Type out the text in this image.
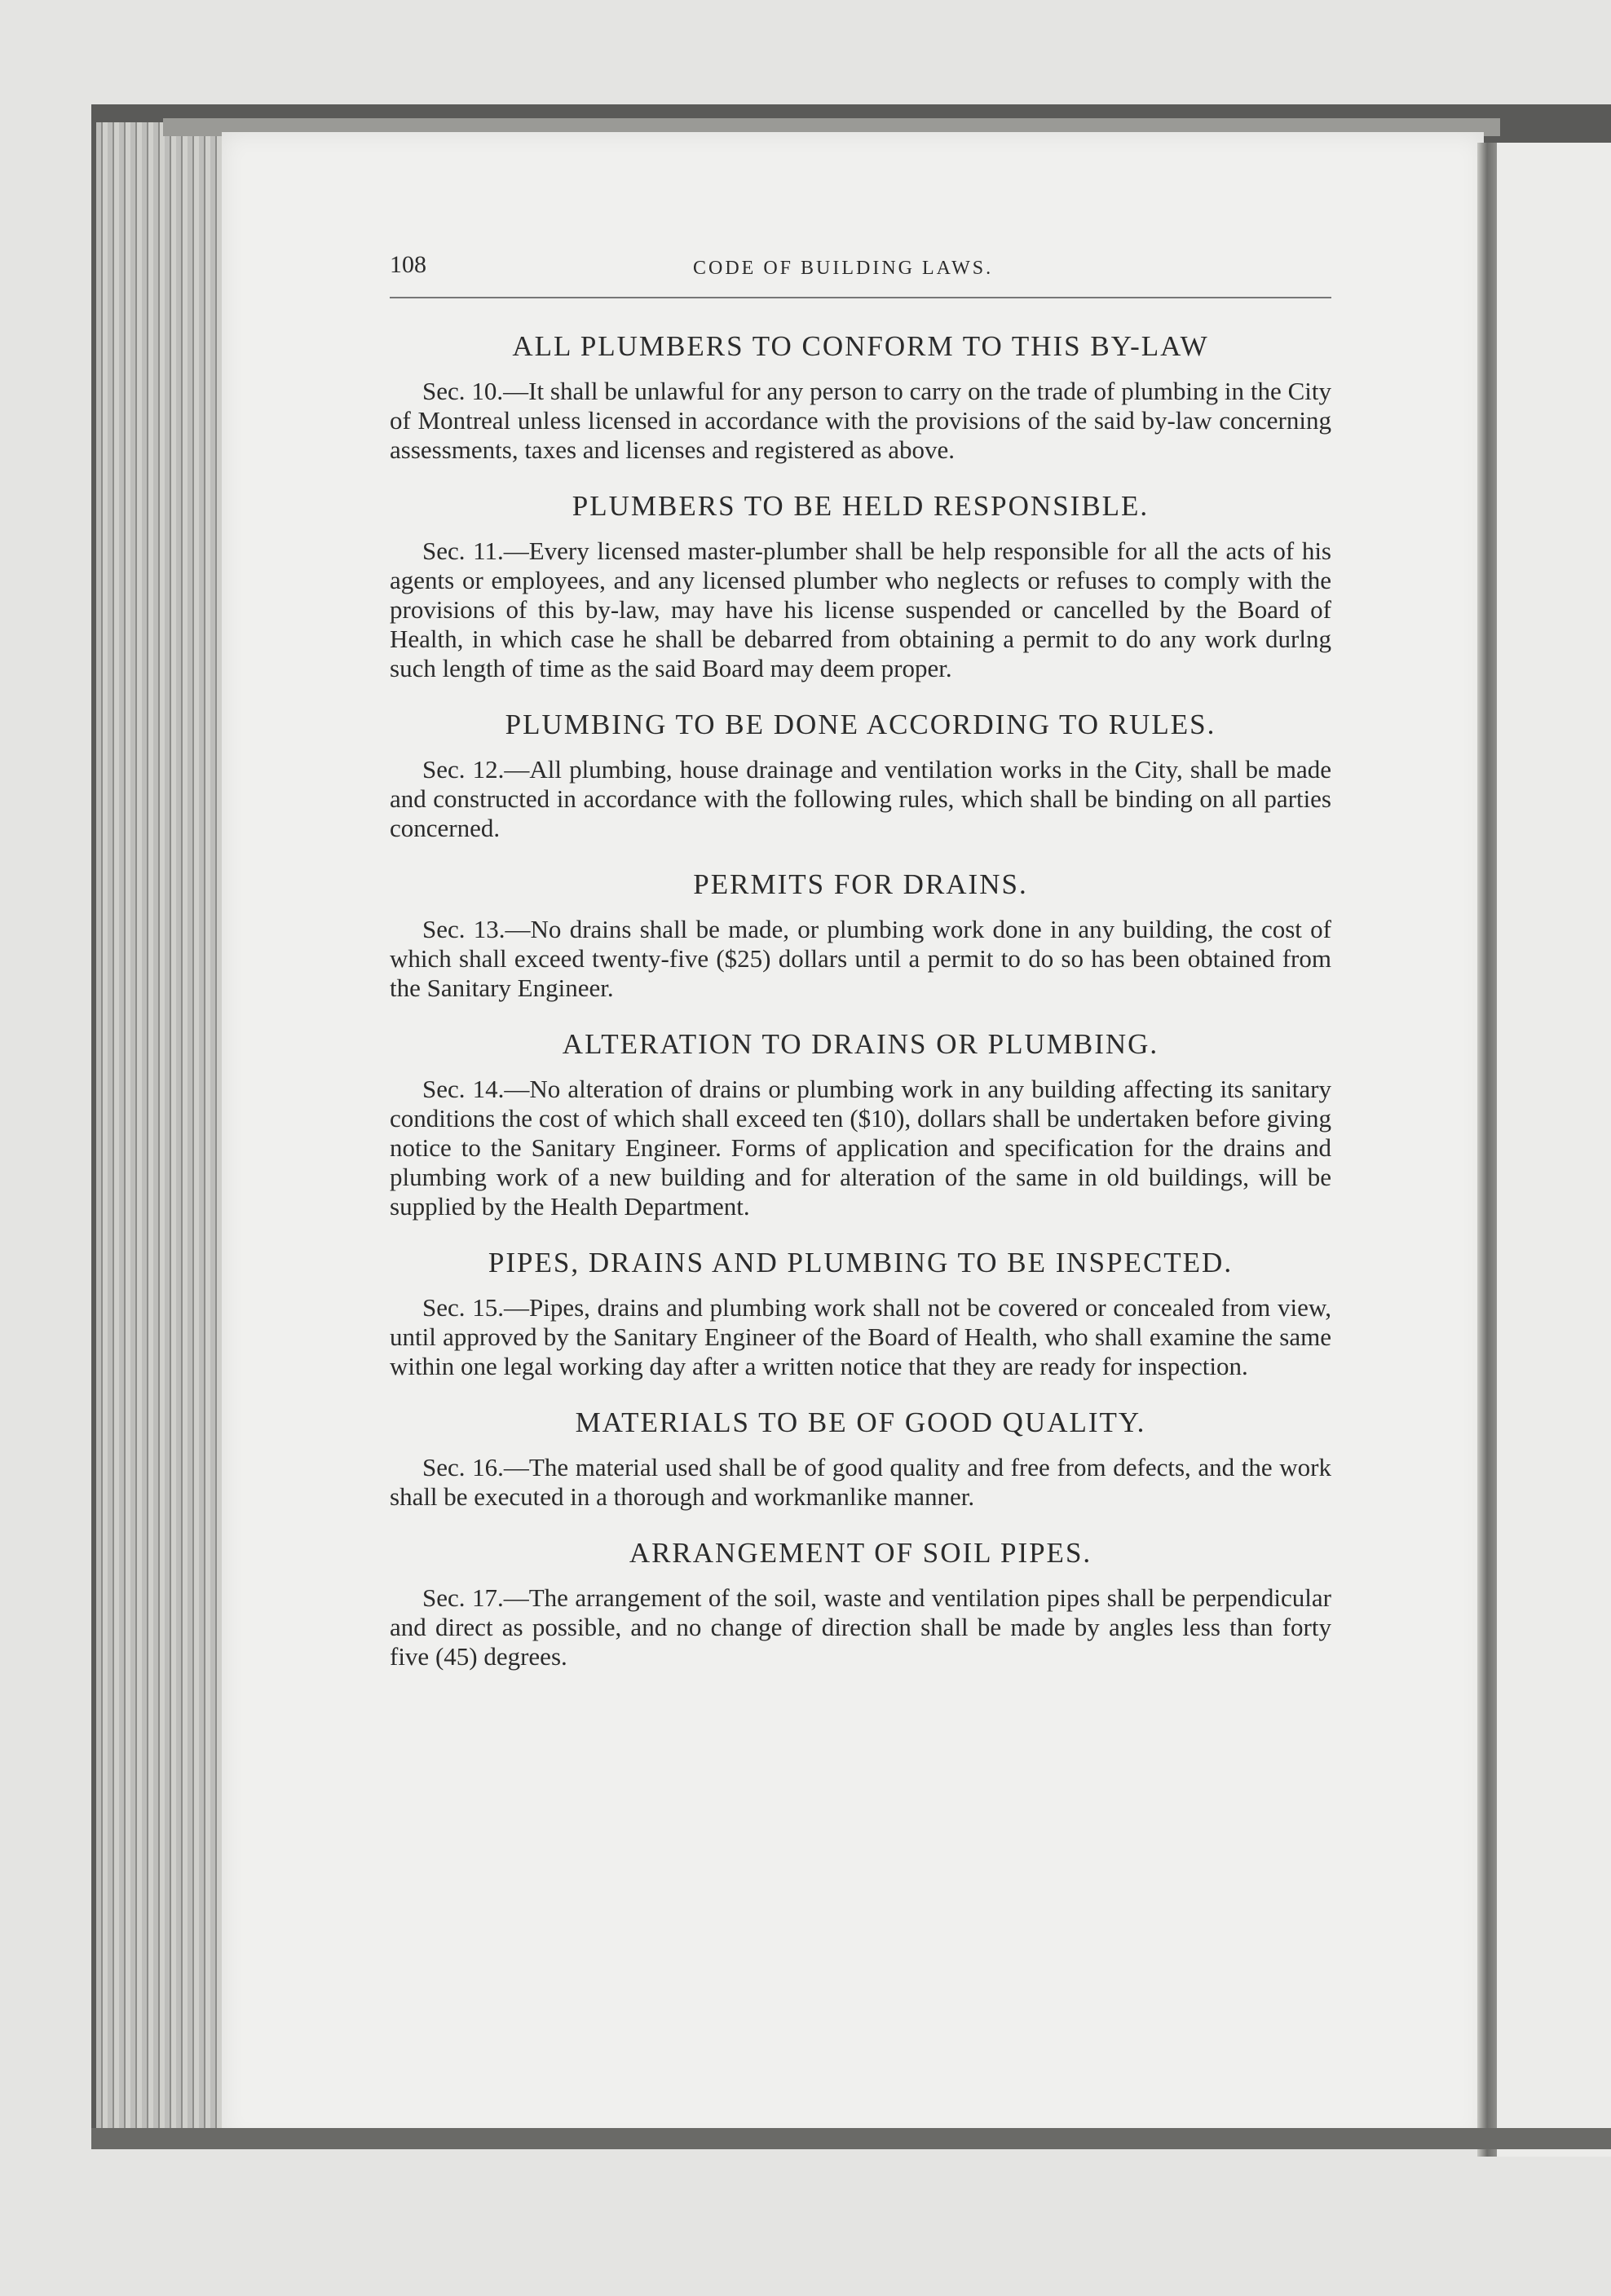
108	CODE OF BUILDING LAWS.
ALL PLUMBERS TO CONFORM TO THIS BY-LAW

Sec. 10.—It shall be unlawful for any person to carry on the trade of plumbing in the City of Montreal unless licensed in accordance with the provisions of the said by-law concerning assessments, taxes and licenses and registered as above.

PLUMBERS TO BE HELD RESPONSIBLE.

Sec. 11.—Every licensed master-plumber shall be help responsible for all the acts of his agents or employees, and any licensed plumber who neglects or refuses to comply with the provisions of this by-law, may have his license suspended or cancelled by the Board of Health, in which case he shall be debarred from obtaining a permit to do any work durlng such length of time as the said Board may deem proper.

PLUMBING TO BE DONE ACCORDING TO RULES.

Sec. 12.—All plumbing, house drainage and ventilation works in the City, shall be made and constructed in accordance with the following rules, which shall be binding on all parties concerned.

PERMITS FOR DRAINS.

Sec. 13.—No drains shall be made, or plumbing work done in any building, the cost of which shall exceed twenty-five ($25) dollars until a permit to do so has been obtained from the Sanitary Engineer.

ALTERATION TO DRAINS OR PLUMBING.

Sec. 14.—No alteration of drains or plumbing work in any building affecting its sanitary conditions the cost of which shall exceed ten ($10), dollars shall be undertaken before giving notice to the Sanitary Engineer. Forms of application and specification for the drains and plumbing work of a new building and for alteration of the same in old buildings, will be supplied by the Health Department.

PIPES, DRAINS AND PLUMBING TO BE INSPECTED.

Sec. 15.—Pipes, drains and plumbing work shall not be covered or concealed from view, until approved by the Sanitary Engineer of the Board of Health, who shall examine the same within one legal working day after a written notice that they are ready for inspection.

MATERIALS TO BE OF GOOD QUALITY.

Sec. 16.—The material used shall be of good quality and free from defects, and the work shall be executed in a thorough and workmanlike manner.

ARRANGEMENT OF SOIL PIPES.

Sec. 17.—The arrangement of the soil, waste and ventilation pipes shall be perpendicular and direct as possible, and no change of direction shall be made by angles less than forty five (45) degrees.
